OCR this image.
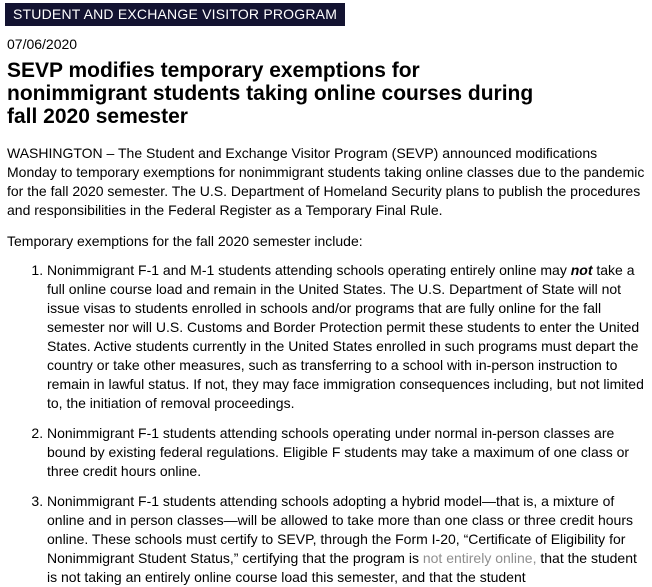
STUDENT AND EXCHANGE VISITOR PROGRAM
07/06/2020
SEVP modifies temporary exemptions for
nonimmigrant students taking online courses during
fall 2020 semester

WASHINGTON – The Student and Exchange Visitor Program (SEVP) announced modifications Monday to temporary exemptions for nonimmigrant students taking online classes due to the pandemic for the fall 2020 semester. The U.S. Department of Homeland Security plans to publish the procedures and responsibilities in the Federal Register as a Temporary Final Rule.

Temporary exemptions for the fall 2020 semester include:

1. Nonimmigrant F-1 and M-1 students attending schools operating entirely online may not take a full online course load and remain in the United States. The U.S. Department of State will not issue visas to students enrolled in schools and/or programs that are fully online for the fall semester nor will U.S. Customs and Border Protection permit these students to enter the United States. Active students currently in the United States enrolled in such programs must depart the country or take other measures, such as transferring to a school with in-person instruction to remain in lawful status. If not, they may face immigration consequences including, but not limited to, the initiation of removal proceedings.
2. Nonimmigrant F-1 students attending schools operating under normal in-person classes are bound by existing federal regulations. Eligible F students may take a maximum of one class or three credit hours online.
3. Nonimmigrant F-1 students attending schools adopting a hybrid model—that is, a mixture of online and in person classes—will be allowed to take more than one class or three credit hours online. These schools must certify to SEVP, through the Form I-20, “Certificate of Eligibility for Nonimmigrant Student Status,” certifying that the program is not entirely online, that the student is not taking an entirely online course load this semester, and that the student
